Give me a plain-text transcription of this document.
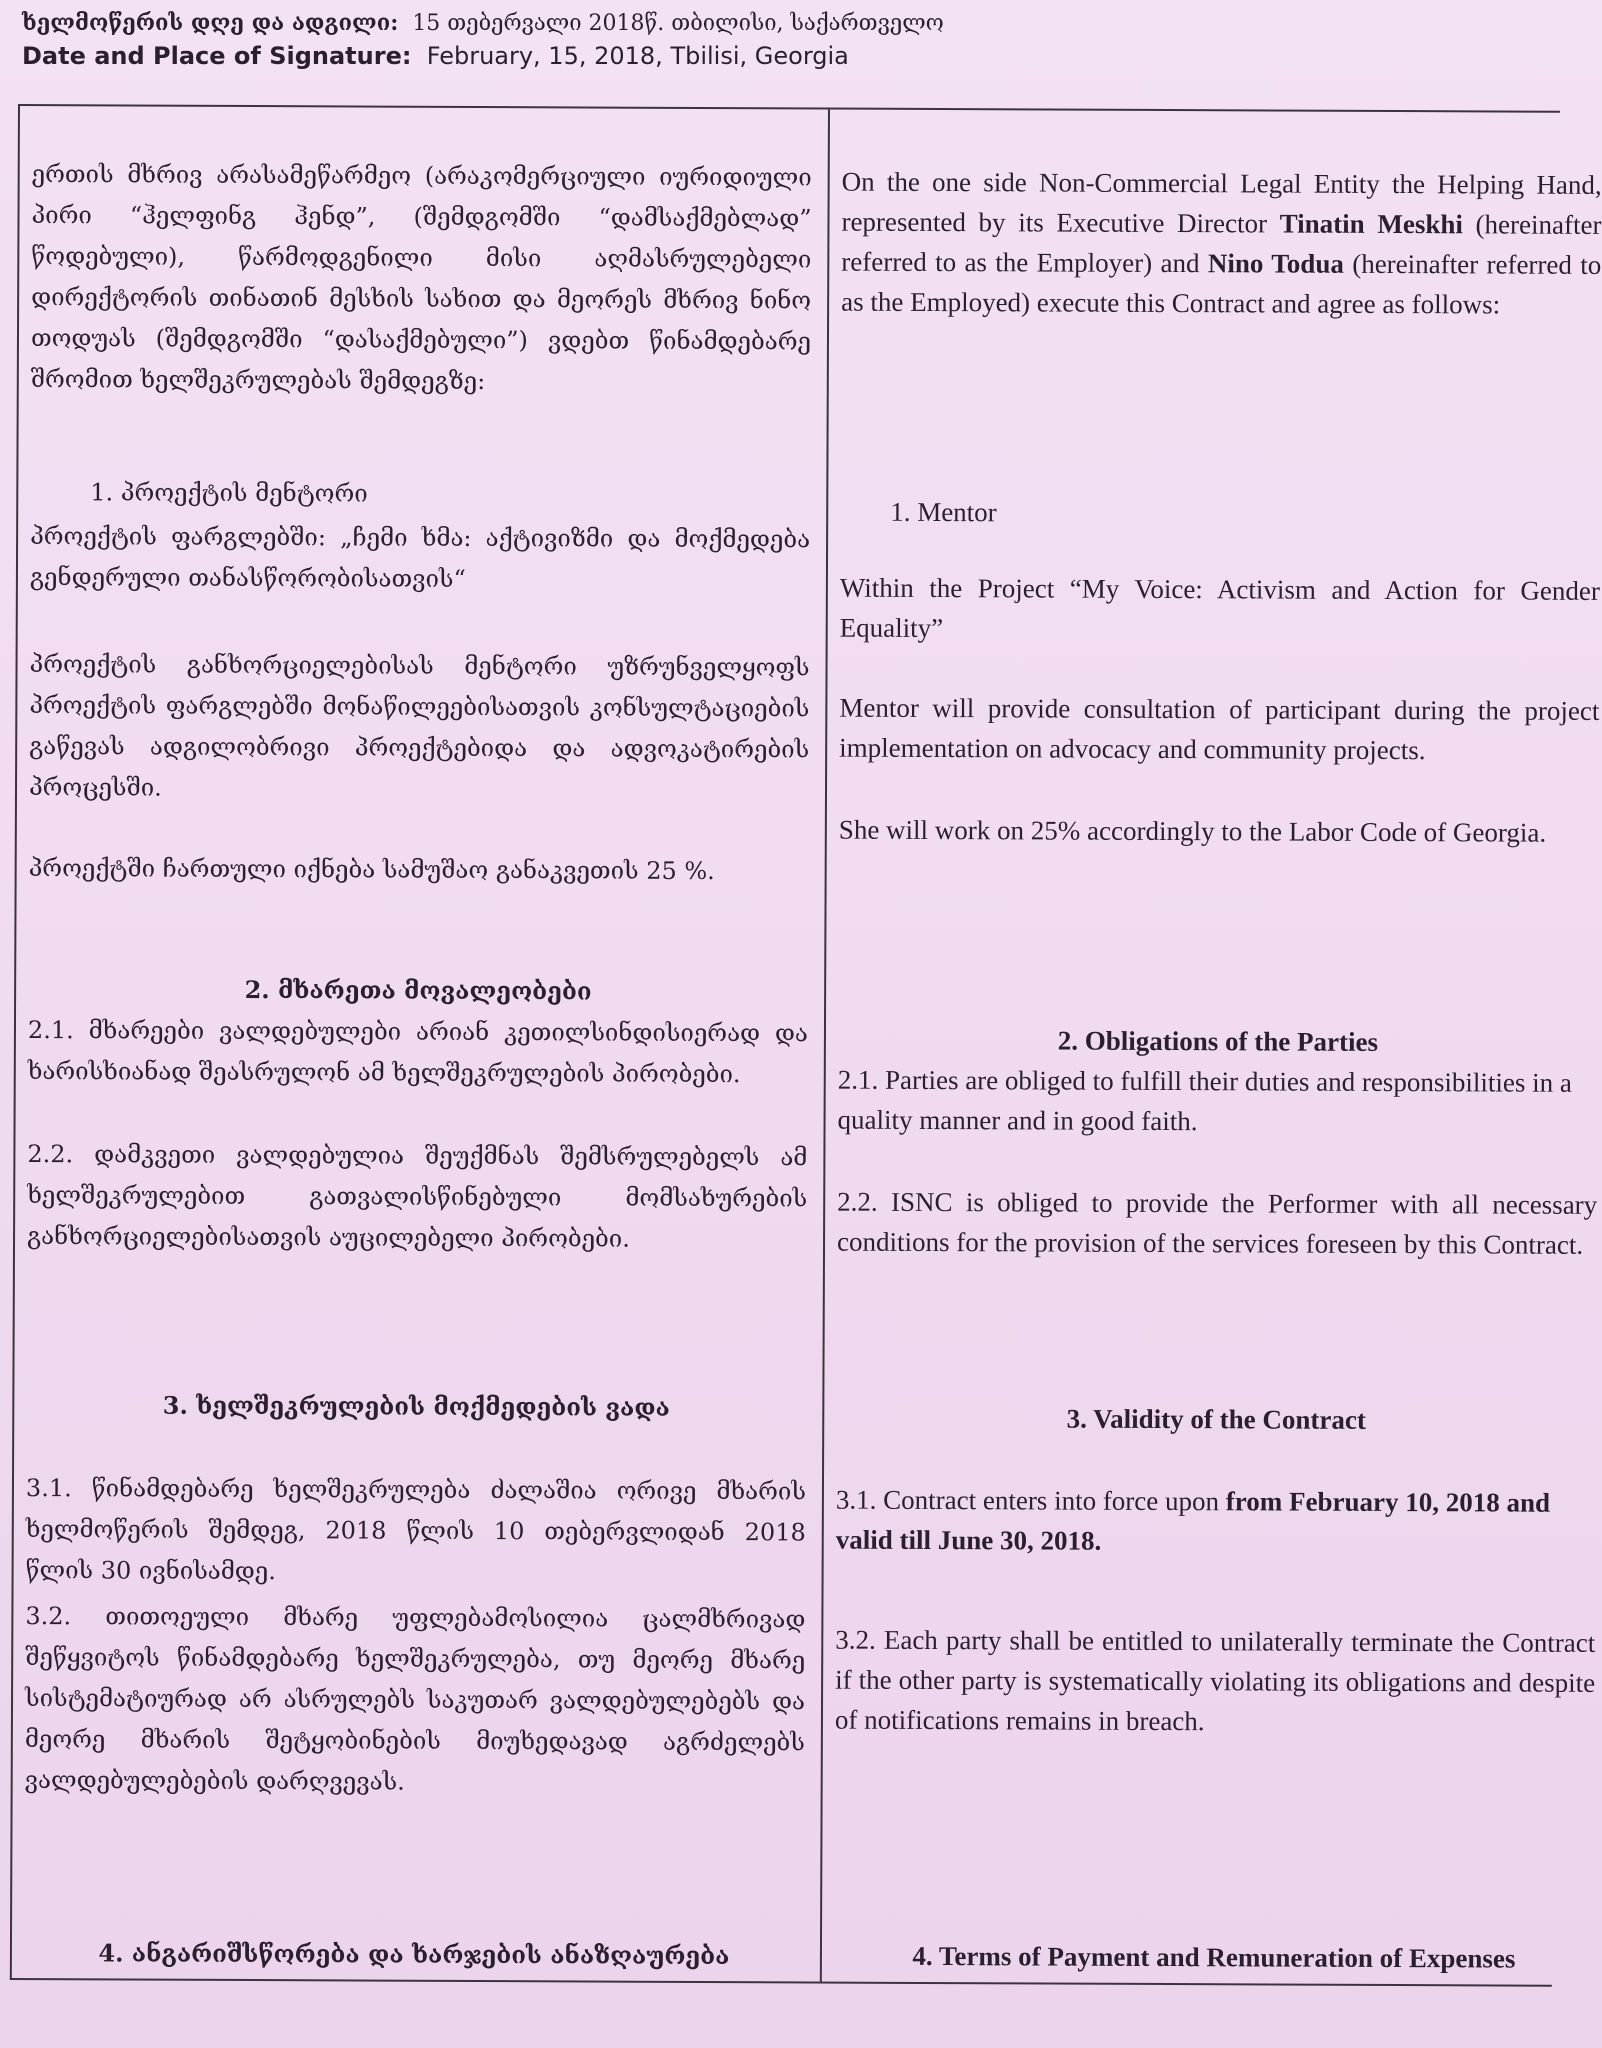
ხელმოწერის დღე და ადგილი: 15 თებერვალი 2018წ. თბილისი, საქართველო
Date and Place of Signature: February, 15, 2018, Tbilisi, Georgia
ერთის მხრივ არასამეწარმეო (არაკომერციული იურიდიული პირი “ჰელფინგ ჰენდ”, (შემდგომში “დამსაქმებლად” წოდებული), წარმოდგენილი მისი აღმასრულებელი დირექტორის თინათინ მესხის სახით და მეორეს მხრივ ნინო თოდუას (შემდგომში “დასაქმებული”) ვდებთ წინამდებარე შრომით ხელშეკრულებას შემდეგზე:
1. პროექტის მენტორი
პროექტის ფარგლებში: „ჩემი ხმა: აქტივიზმი და მოქმედება გენდერული თანასწორობისათვის“
პროექტის განხორციელებისას მენტორი უზრუნველყოფს პროექტის ფარგლებში მონაწილეებისათვის კონსულტაციების გაწევას ადგილობრივი პროექტებიდა და ადვოკატირების პროცესში.
პროექტში ჩართული იქნება სამუშაო განაკვეთის 25 %.
2. მხარეთა მოვალეობები
2.1. მხარეები ვალდებულები არიან კეთილსინდისიერად და ხარისხიანად შეასრულონ ამ ხელშეკრულების პირობები.
2.2. დამკვეთი ვალდებულია შეუქმნას შემსრულებელს ამ ხელშეკრულებით გათვალისწინებული მომსახურების განხორციელებისათვის აუცილებელი პირობები.
3. ხელშეკრულების მოქმედების ვადა
3.1. წინამდებარე ხელშეკრულება ძალაშია ორივე მხარის ხელმოწერის შემდეგ, 2018 წლის 10 თებერვლიდან 2018 წლის 30 ივნისამდე.
3.2. თითოეული მხარე უფლებამოსილია ცალმხრივად შეწყვიტოს წინამდებარე ხელშეკრულება, თუ მეორე მხარე სისტემატიურად არ ასრულებს საკუთარ ვალდებულებებს და მეორე მხარის შეტყობინების მიუხედავად აგრძელებს ვალდებულებების დარღვევას.
4. ანგარიშსწორება და ხარჯების ანაზღაურება
On the one side Non-Commercial Legal Entity the Helping Hand, represented by its Executive Director Tinatin Meskhi (hereinafter referred to as the Employer) and Nino Todua (hereinafter referred to as the Employed) execute this Contract and agree as follows:
1. Mentor
Within the Project “My Voice: Activism and Action for Gender Equality”
Mentor will provide consultation of participant during the project implementation on advocacy and community projects.
She will work on 25% accordingly to the Labor Code of Georgia.
2. Obligations of the Parties
2.1. Parties are obliged to fulfill their duties and responsibilities in a quality manner and in good faith.
2.2. ISNC is obliged to provide the Performer with all necessary conditions for the provision of the services foreseen by this Contract.
3. Validity of the Contract
3.1. Contract enters into force upon from February 10, 2018 and valid till June 30, 2018.
3.2. Each party shall be entitled to unilaterally terminate the Contract if the other party is systematically violating its obligations and despite of notifications remains in breach.
4. Terms of Payment and Remuneration of Expenses
